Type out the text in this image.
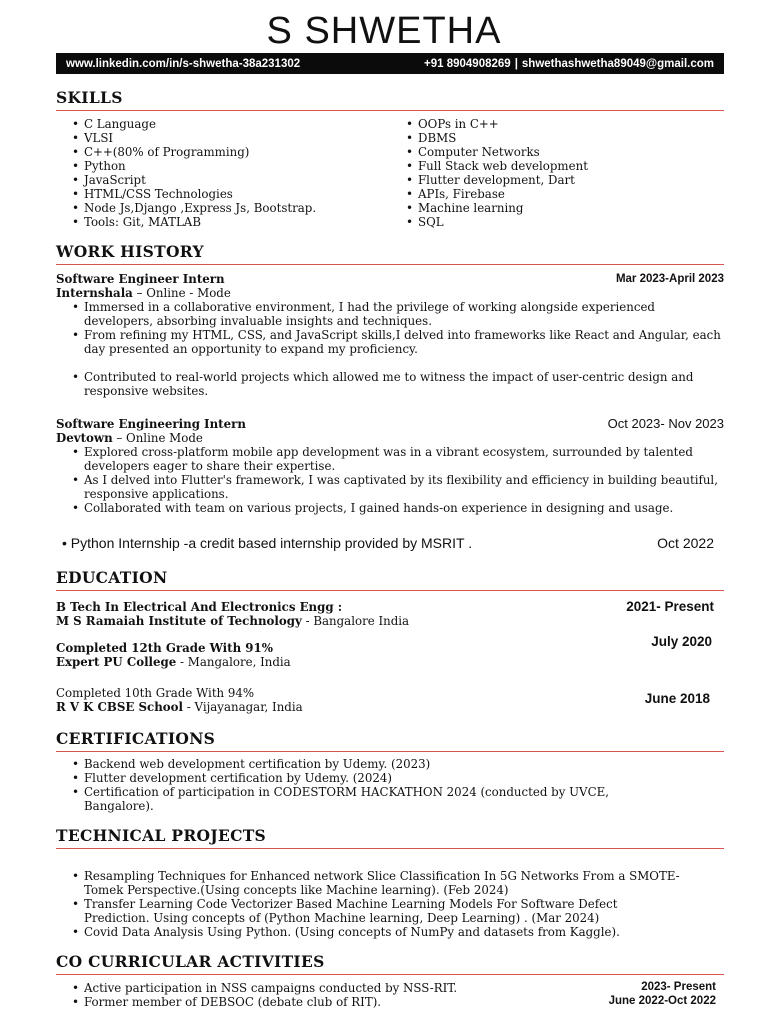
S SHWETHA
www.linkedin.com/in/s-shwetha-38a231302	+91 8904908269 | shwethashwetha89049@gmail.com
SKILLS
• C Language
• VLSI
• C++(80% of Programming)
• Python
• JavaScript
• HTML/CSS Technologies
• Node Js,Django ,Express Js, Bootstrap.
• Tools: Git, MATLAB
• OOPs in C++
• DBMS
• Computer Networks
• Full Stack web development
• Flutter development, Dart
• APIs, Firebase
• Machine learning
• SQL
WORK HISTORY
Software Engineer Intern	Mar 2023-April 2023
Internshala – Online - Mode
• Immersed in a collaborative environment, I had the privilege of working alongside experienced developers, absorbing invaluable insights and techniques.
• From refining my HTML, CSS, and JavaScript skills,I delved into frameworks like React and Angular, each day presented an opportunity to expand my proficiency.
• Contributed to real-world projects which allowed me to witness the impact of user-centric design and responsive websites.
Software Engineering Intern	Oct 2023- Nov 2023
Devtown – Online Mode
• Explored cross-platform mobile app development was in a vibrant ecosystem, surrounded by talented developers eager to share their expertise.
• As I delved into Flutter's framework, I was captivated by its flexibility and efficiency in building beautiful, responsive applications.
• Collaborated with team on various projects, I gained hands-on experience in designing and usage.
• Python Internship -a credit based internship provided by MSRIT .	Oct 2022
EDUCATION
B Tech In Electrical And Electronics Engg :
M S Ramaiah Institute of Technology - Bangalore India
2021- Present
Completed 12th Grade With 91%
Expert PU College - Mangalore, India
July 2020
Completed 10th Grade With 94%
R V K CBSE School - Vijayanagar, India
June 2018
CERTIFICATIONS
• Backend web development certification by Udemy. (2023)
• Flutter development certification by Udemy. (2024)
• Certification of participation in CODESTORM HACKATHON 2024 (conducted by UVCE, Bangalore).
TECHNICAL PROJECTS
• Resampling Techniques for Enhanced network Slice Classification In 5G Networks From a SMOTE-Tomek Perspective.(Using concepts like Machine learning). (Feb 2024)
• Transfer Learning Code Vectorizer Based Machine Learning Models For Software Defect Prediction. Using concepts of (Python Machine learning, Deep Learning) . (Mar 2024)
• Covid Data Analysis Using Python. (Using concepts of NumPy and datasets from Kaggle).
CO CURRICULAR ACTIVITIES
• Active participation in NSS campaigns conducted by NSS-RIT.	2023- Present
• Former member of DEBSOC (debate club of RIT).	June 2022-Oct 2022
